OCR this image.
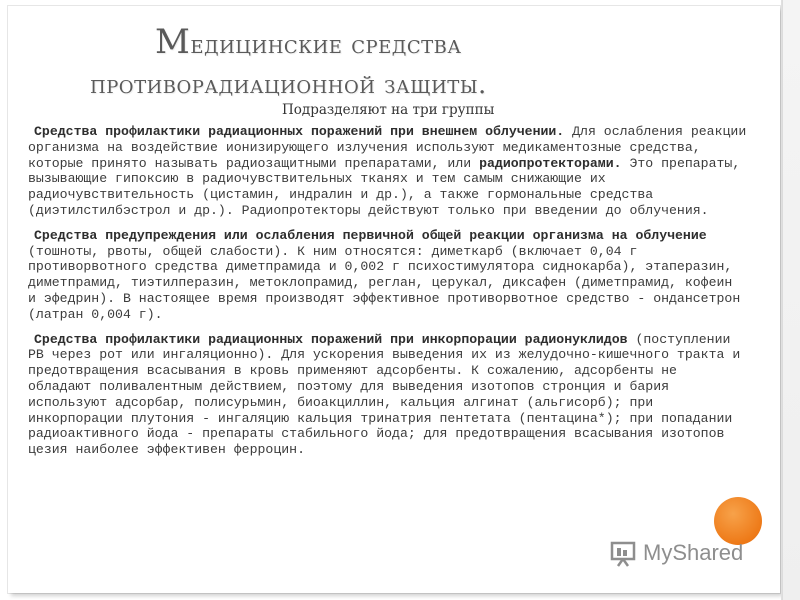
Медицинские средства
противорадиационной защиты.
Подразделяют на три группы

Средства профилактики радиационных поражений при внешнем облучении. Для ослабления реакции организма на воздействие ионизирующего излучения используют медикаментозные средства, которые принято называть радиозащитными препаратами, или радиопротекторами. Это препараты, вызывающие гипоксию в радиочувствительных тканях и тем самым снижающие их радиочувствительность (цистамин, индралин и др.), а также гормональные средства (диэтилстилбэстрол и др.). Радиопротекторы действуют только при введении до облучения.

Средства предупреждения или ослабления первичной общей реакции организма на облучение (тошноты, рвоты, общей слабости). К ним относятся: диметкарб (включает 0,04 г противорвотного средства диметпрамида и 0,002 г психостимулятора сиднокарба), этаперазин, диметпрамид, тиэтилперазин, метоклопрамид, реглан, церукал, диксафен (диметпрамид, кофеин и эфедрин). В настоящее время производят эффективное противорвотное средство - ондансетрон (латран 0,004 г).

Средства профилактики радиационных поражений при инкорпорации радионуклидов (поступлении РВ через рот или ингаляционно). Для ускорения выведения их из желудочно-кишечного тракта и предотвращения всасывания в кровь применяют адсорбенты. К сожалению, адсорбенты не обладают поливалентным действием, поэтому для выведения изотопов стронция и бария используют адсорбар, полисурьмин, биоакциллин, кальция алгинат (альгисорб); при инкорпорации плутония - ингаляцию кальция тринатрия пентетата (пентацина*); при попадании радиоактивного йода - препараты стабильного йода; для предотвращения всасывания изотопов цезия наиболее эффективен ферроцин.

MyShared
